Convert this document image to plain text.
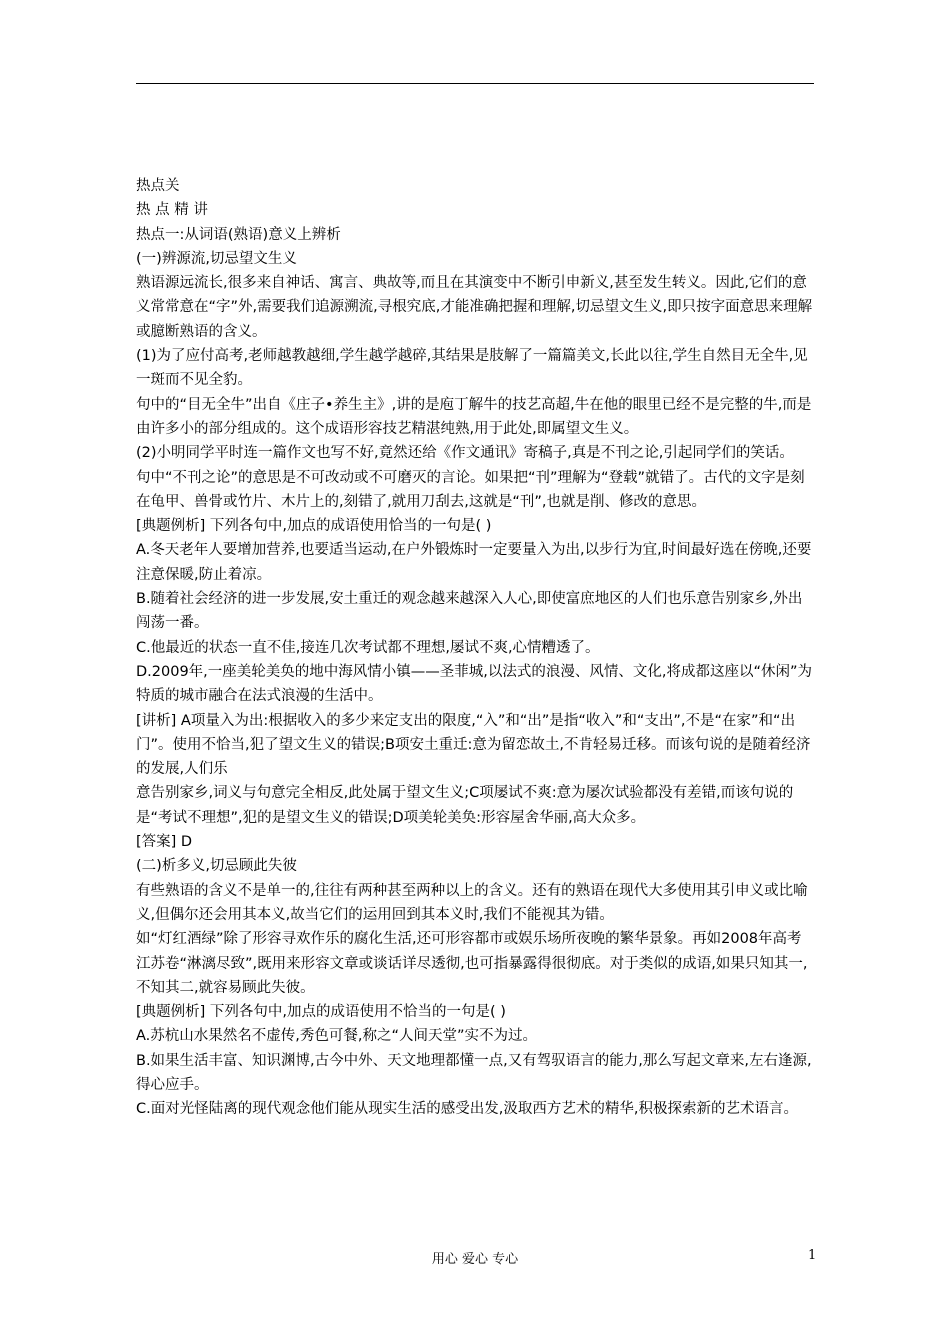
热点关

热 点 精 讲

热点一:从词语(熟语)意义上辨析

(一)辨源流,切忌望文生义

熟语源远流长,很多来自神话、寓言、典故等,而且在其演变中不断引申新义,甚至发生转义。因此,它们的意义常常意在“字”外,需要我们追源溯流,寻根究底,才能准确把握和理解,切忌望文生义,即只按字面意思来理解或臆断熟语的含义。

(1)为了应付高考,老师越教越细,学生越学越碎,其结果是肢解了一篇篇美文,长此以往,学生自然目无全牛,见一斑而不见全豹。

句中的“目无全牛”出自《庄子•养生主》,讲的是庖丁解牛的技艺高超,牛在他的眼里已经不是完整的牛,而是由许多小的部分组成的。这个成语形容技艺精湛纯熟,用于此处,即属望文生义。

(2)小明同学平时连一篇作文也写不好,竟然还给《作文通讯》寄稿子,真是不刊之论,引起同学们的笑话。

句中“不刊之论”的意思是不可改动或不可磨灭的言论。如果把“刊”理解为“登载”就错了。古代的文字是刻在龟甲、兽骨或竹片、木片上的,刻错了,就用刀刮去,这就是“刊”,也就是削、修改的意思。

[典题例析] 下列各句中,加点的成语使用恰当的一句是( )

A.冬天老年人要增加营养,也要适当运动,在户外锻炼时一定要量入为出,以步行为宜,时间最好选在傍晚,还要注意保暖,防止着凉。

B.随着社会经济的进一步发展,安土重迁的观念越来越深入人心,即使富庶地区的人们也乐意告别家乡,外出闯荡一番。

C.他最近的状态一直不佳,接连几次考试都不理想,屡试不爽,心情糟透了。

D.2009年,一座美轮美奂的地中海风情小镇——圣菲城,以法式的浪漫、风情、文化,将成都这座以“休闲”为特质的城市融合在法式浪漫的生活中。

[讲析] A项量入为出:根据收入的多少来定支出的限度,“入”和“出”是指“收入”和“支出”,不是“在家”和“出门”。使用不恰当,犯了望文生义的错误;B项安土重迁:意为留恋故土,不肯轻易迁移。而该句说的是随着经济的发展,人们乐

意告别家乡,词义与句意完全相反,此处属于望文生义;C项屡试不爽:意为屡次试验都没有差错,而该句说的是“考试不理想”,犯的是望文生义的错误;D项美轮美奂:形容屋舍华丽,高大众多。

[答案] D

(二)析多义,切忌顾此失彼

有些熟语的含义不是单一的,往往有两种甚至两种以上的含义。还有的熟语在现代大多使用其引申义或比喻义,但偶尔还会用其本义,故当它们的运用回到其本义时,我们不能视其为错。

如“灯红酒绿”除了形容寻欢作乐的腐化生活,还可形容都市或娱乐场所夜晚的繁华景象。再如2008年高考江苏卷“淋漓尽致”,既用来形容文章或谈话详尽透彻,也可指暴露得很彻底。对于类似的成语,如果只知其一,不知其二,就容易顾此失彼。

[典题例析] 下列各句中,加点的成语使用不恰当的一句是( )

A.苏杭山水果然名不虚传,秀色可餐,称之“人间天堂”实不为过。

B.如果生活丰富、知识渊博,古今中外、天文地理都懂一点,又有驾驭语言的能力,那么写起文章来,左右逢源,得心应手。

C.面对光怪陆离的现代观念他们能从现实生活的感受出发,汲取西方艺术的精华,积极探索新的艺术语言。

用心 爱心 专心	1
